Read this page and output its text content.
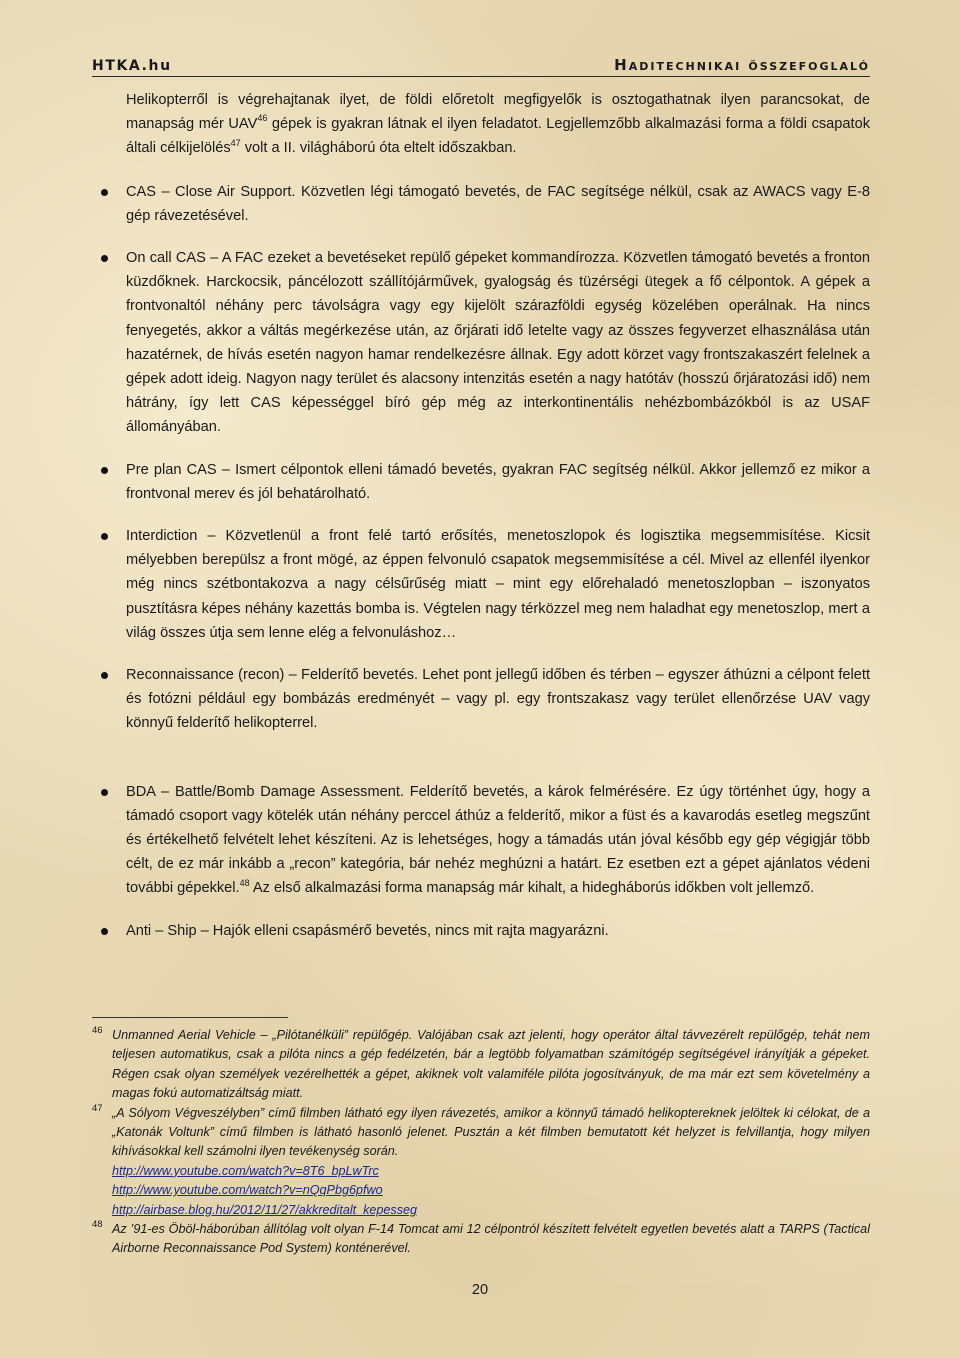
HTKA.hu	Haditechnikai összefoglaló

Helikopterről is végrehajtanak ilyet, de földi előretolt megfigyelők is osztogathatnak ilyen parancsokat, de manapság mér UAV$^{46}$ gépek is gyakran látnak el ilyen feladatot. Legjellemzőbb alkalmazási forma a földi csapatok általi célkijelölés$^{47}$ volt a II. világháború óta eltelt időszakban.

CAS – Close Air Support. Közvetlen légi támogató bevetés, de FAC segítsége nélkül, csak az AWACS vagy E-8 gép rávezetésével.

On call CAS – A FAC ezeket a bevetéseket repülő gépeket kommandírozza. Közvetlen támogató bevetés a fronton küzdőknek. Harckocsik, páncélozott szállítójárművek, gyalogság és tüzérségi ütegek a fő célpontok. A gépek a frontvonaltól néhány perc távolságra vagy egy kijelölt szárazföldi egység közelében operálnak. Ha nincs fenyegetés, akkor a váltás megérkezése után, az őrjárati idő letelte vagy az összes fegyverzet elhasználása után hazatérnek, de hívás esetén nagyon hamar rendelkezésre állnak. Egy adott körzet vagy frontszakaszért felelnek a gépek adott ideig. Nagyon nagy terület és alacsony intenzitás esetén a nagy hatótáv (hosszú őrjáratozási idő) nem hátrány, így lett CAS képességgel bíró gép még az interkontinentális nehézbombázókból is az USAF állományában.

Pre plan CAS – Ismert célpontok elleni támadó bevetés, gyakran FAC segítség nélkül. Akkor jellemző ez mikor a frontvonal merev és jól behatárolható.

Interdiction – Közvetlenül a front felé tartó erősítés, menetoszlopok és logisztika megsemmisítése. Kicsit mélyebben berepülsz a front mögé, az éppen felvonuló csapatok megsemmisítése a cél. Mivel az ellenfél ilyenkor még nincs szétbontakozva a nagy célsűrűség miatt – mint egy előrehaladó menetoszlopban – iszonyatos pusztításra képes néhány kazettás bomba is. Végtelen nagy térközzel meg nem haladhat egy menetoszlop, mert a világ összes útja sem lenne elég a felvonuláshoz…

Reconnaissance (recon) – Felderítő bevetés. Lehet pont jellegű időben és térben – egyszer áthúzni a célpont felett és fotózni például egy bombázás eredményét – vagy pl. egy frontszakasz vagy terület ellenőrzése UAV vagy könnyű felderítő helikopterrel.

BDA – Battle/Bomb Damage Assessment. Felderítő bevetés, a károk felmérésére. Ez úgy történhet úgy, hogy a támadó csoport vagy kötelék után néhány perccel áthúz a felderítő, mikor a füst és a kavarodás esetleg megszűnt és értékelhető felvételt lehet készíteni. Az is lehetséges, hogy a támadás után jóval később egy gép végigjár több célt, de ez már inkább a „recon” kategória, bár nehéz meghúzni a határt. Ez esetben ezt a gépet ajánlatos védeni további gépekkel.$^{48}$ Az első alkalmazási forma manapság már kihalt, a hidegháborús időkben volt jellemző.

Anti – Ship – Hajók elleni csapásmérő bevetés, nincs mit rajta magyarázni.

46 Unmanned Aerial Vehicle – „Pilótanélküli” repülőgép. Valójában csak azt jelenti, hogy operátor által távvezérelt repülőgép, tehát nem teljesen automatikus, csak a pilóta nincs a gép fedélzetén, bár a legtöbb folyamatban számítógép segítségével irányítják a gépeket. Régen csak olyan személyek vezérelhették a gépet, akiknek volt valamiféle pilóta jogosítványuk, de ma már ezt sem követelmény a magas fokú automatizáltság miatt.
47 „A Sólyom Végveszélyben” című filmben látható egy ilyen rávezetés, amikor a könnyű támadó helikoptereknek jelöltek ki célokat, de a „Katonák Voltunk” című filmben is látható hasonló jelenet. Pusztán a két filmben bemutatott két helyzet is felvillantja, hogy milyen kihívásokkal kell számolni ilyen tevékenység során.
http://www.youtube.com/watch?v=8T6_bpLwTrc
http://www.youtube.com/watch?v=nQqPbg6pfwo
http://airbase.blog.hu/2012/11/27/akkreditalt_kepesseg
48 Az ’91-es Öböl-háborúban állítólag volt olyan F-14 Tomcat ami 12 célpontról készített felvételt egyetlen bevetés alatt a TARPS (Tactical Airborne Reconnaissance Pod System) konténerével.
20
